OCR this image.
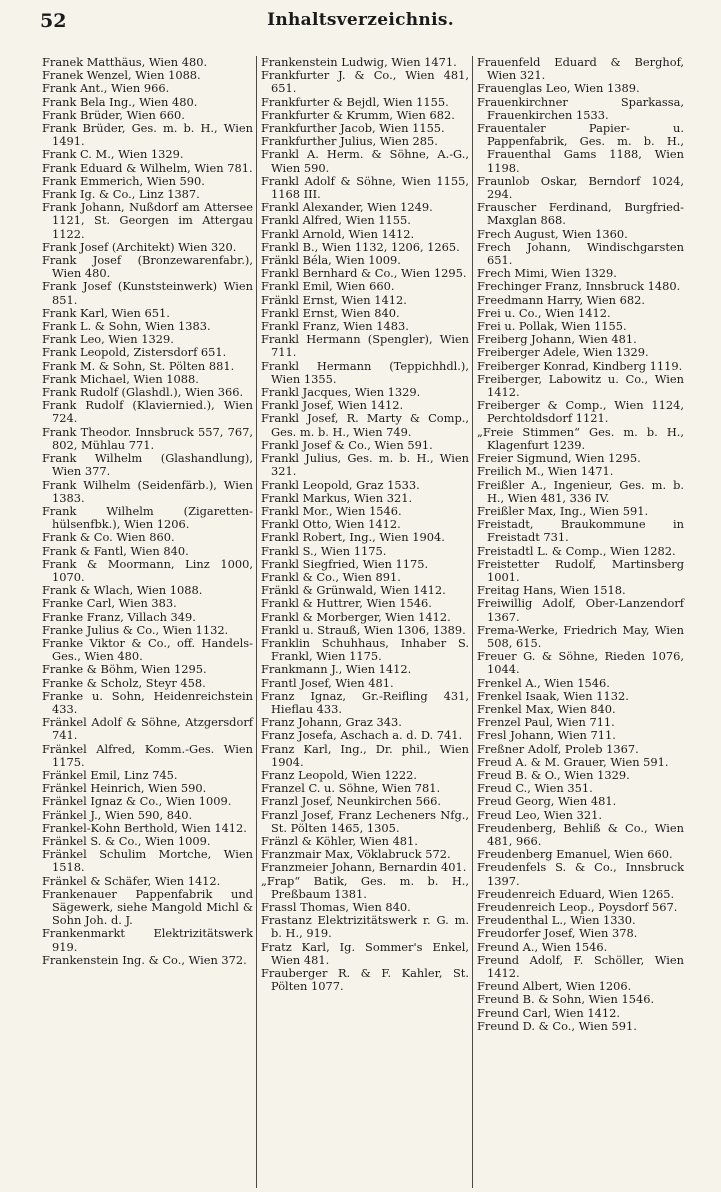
52	Inhaltsverzeichnis.

Franek Matthäus, Wien 480.

Franek Wenzel, Wien 1088.

Frank Ant., Wien 966.

Frank Bela Ing., Wien 480.

Frank Brüder, Wien 660.

Frank Brüder, Ges. m. b. H., Wien 1491.

Frank C. M., Wien 1329.

Frank Eduard & Wilhelm, Wien 781.

Frank Emmerich, Wien 590.

Frank Ig. & Co., Linz 1387.

Frank Johann, Nußdorf am Attersee 1121, St. Georgen im Attergau 1122.

Frank Josef (Architekt) Wien 320.

Frank Josef (Bronzewarenfabr.), Wien 480.

Frank Josef (Kunststeinwerk) Wien 851.

Frank Karl, Wien 651.

Frank L. & Sohn, Wien 1383.

Frank Leo, Wien 1329.

Frank Leopold, Zistersdorf 651.

Frank M. & Sohn, St. Pölten 881.

Frank Michael, Wien 1088.

Frank Rudolf (Glashdl.), Wien 366.

Frank Rudolf (Klaviernied.), Wien 724.

Frank Theodor. Innsbruck 557, 767, 802, Mühlau 771.

Frank Wilhelm (Glashandlung), Wien 377.

Frank Wilhelm (Seidenfärb.), Wien 1383.

Frank Wilhelm (Zigaretten-hülsenfbk.), Wien 1206.

Frank & Co. Wien 860.

Frank & Fantl, Wien 840.

Frank & Moormann, Linz 1000, 1070.

Frank & Wlach, Wien 1088.

Franke Carl, Wien 383.

Franke Franz, Villach 349.

Franke Julius & Co., Wien 1132.

Franke Viktor & Co., off. Handels-Ges., Wien 480.

Franke & Böhm, Wien 1295.

Franke & Scholz, Steyr 458.

Franke u. Sohn, Heidenreichstein 433.

Fränkel Adolf & Söhne, Atzgersdorf 741.

Fränkel Alfred, Komm.-Ges. Wien 1175.

Fränkel Emil, Linz 745.

Fränkel Heinrich, Wien 590.

Fränkel Ignaz & Co., Wien 1009.

Fränkel J., Wien 590, 840.

Frankel-Kohn Berthold, Wien 1412.

Fränkel S. & Co., Wien 1009.

Fränkel Schulim Mortche, Wien 1518.

Fränkel & Schäfer, Wien 1412.

Frankenauer Pappenfabrik und Sägewerk, siehe Mangold Michl & Sohn Joh. d. J.

Frankenmarkt Elektrizitätswerk 919.

Frankenstein Ing. & Co., Wien 372.

Frankenstein Ludwig, Wien 1471.

Frankfurter J. & Co., Wien 481, 651.

Frankfurter & Bejdl, Wien 1155.

Frankfurter & Krumm, Wien 682.

Frankfurther Jacob, Wien 1155.

Frankfurther Julius, Wien 285.

Frankl A. Herm. & Söhne, A.-G., Wien 590.

Frankl Adolf & Söhne, Wien 1155, 1168 III.

Frankl Alexander, Wien 1249.

Frankl Alfred, Wien 1155.

Frankl Arnold, Wien 1412.

Frankl B., Wien 1132, 1206, 1265.

Fränkl Béla, Wien 1009.

Frankl Bernhard & Co., Wien 1295.

Frankl Emil, Wien 660.

Fränkl Ernst, Wien 1412.

Frankl Ernst, Wien 840.

Frankl Franz, Wien 1483.

Frankl Hermann (Spengler), Wien 711.

Frankl Hermann (Teppichhdl.), Wien 1355.

Frankl Jacques, Wien 1329.

Frankl Josef, Wien 1412.

Frankl Josef, R. Marty & Comp., Ges. m. b. H., Wien 749.

Frankl Josef & Co., Wien 591.

Frankl Julius, Ges. m. b. H., Wien 321.

Frankl Leopold, Graz 1533.

Frankl Markus, Wien 321.

Frankl Mor., Wien 1546.

Frankl Otto, Wien 1412.

Frankl Robert, Ing., Wien 1904.

Frankl S., Wien 1175.

Frankl Siegfried, Wien 1175.

Frankl & Co., Wien 891.

Fränkl & Grünwald, Wien 1412.

Frankl & Huttrer, Wien 1546.

Frankl & Morberger, Wien 1412.

Frankl u. Strauß, Wien 1306, 1389.

Franklin Schuhhaus, Inhaber S. Frankl, Wien 1175.

Frankmann J., Wien 1412.

Frantl Josef, Wien 481.

Franz Ignaz, Gr.-Reifling 431, Hieflau 433.

Franz Johann, Graz 343.

Franz Josefa, Aschach a. d. D. 741.

Franz Karl, Ing., Dr. phil., Wien 1904.

Franz Leopold, Wien 1222.

Franzel C. u. Söhne, Wien 781.

Franzl Josef, Neunkirchen 566.

Franzl Josef, Franz Lecheners Nfg., St. Pölten 1465, 1305.

Fränzl & Köhler, Wien 481.

Franzmair Max, Vöklabruck 572.

Franzmeier Johann, Bernardin 401.

„Frap“ Batik, Ges. m. b. H., Preßbaum 1381.

Frassl Thomas, Wien 840.

Frastanz Elektrizitätswerk r. G. m. b. H., 919.

Fratz Karl, Ig. Sommer's Enkel, Wien 481.

Frauberger R. & F. Kahler, St. Pölten 1077.

Frauenfeld Eduard & Berghof, Wien 321.

Frauenglas Leo, Wien 1389.

Frauenkirchner Sparkassa, Frauenkirchen 1533.

Frauentaler Papier- u. Pappenfabrik, Ges. m. b. H., Frauenthal Gams 1188, Wien 1198.

Fraunlob Oskar, Berndorf 1024, 294.

Frauscher Ferdinand, Burgfried-Maxglan 868.

Frech August, Wien 1360.

Frech Johann, Windischgarsten 651.

Frech Mimi, Wien 1329.

Frechinger Franz, Innsbruck 1480.

Freedmann Harry, Wien 682.

Frei u. Co., Wien 1412.

Frei u. Pollak, Wien 1155.

Freiberg Johann, Wien 481.

Freiberger Adele, Wien 1329.

Freiberger Konrad, Kindberg 1119.

Freiberger, Labowitz u. Co., Wien 1412.

Freiberger & Comp., Wien 1124, Perchtoldsdorf 1121.

„Freie Stimmen“ Ges. m. b. H., Klagenfurt 1239.

Freier Sigmund, Wien 1295.

Freilich M., Wien 1471.

Freißler A., Ingenieur, Ges. m. b. H., Wien 481, 336 IV.

Freißler Max, Ing., Wien 591.

Freistadt, Braukommune in Freistadt 731.

Freistadtl L. & Comp., Wien 1282.

Freistetter Rudolf, Martinsberg 1001.

Freitag Hans, Wien 1518.

Freiwillig Adolf, Ober-Lanzendorf 1367.

Frema-Werke, Friedrich May, Wien 508, 615.

Freuer G. & Söhne, Rieden 1076, 1044.

Frenkel A., Wien 1546.

Frenkel Isaak, Wien 1132.

Frenkel Max, Wien 840.

Frenzel Paul, Wien 711.

Fresl Johann, Wien 711.

Freßner Adolf, Proleb 1367.

Freud A. & M. Grauer, Wien 591.

Freud B. & O., Wien 1329.

Freud C., Wien 351.

Freud Georg, Wien 481.

Freud Leo, Wien 321.

Freudenberg, Behliß & Co., Wien 481, 966.

Freudenberg Emanuel, Wien 660.

Freudenfels S. & Co., Innsbruck 1397.

Freudenreich Eduard, Wien 1265.

Freudenreich Leop., Poysdorf 567.

Freudenthal L., Wien 1330.

Freudorfer Josef, Wien 378.

Freund A., Wien 1546.

Freund Adolf, F. Schöller, Wien 1412.

Freund Albert, Wien 1206.

Freund B. & Sohn, Wien 1546.

Freund Carl, Wien 1412.

Freund D. & Co., Wien 591.
